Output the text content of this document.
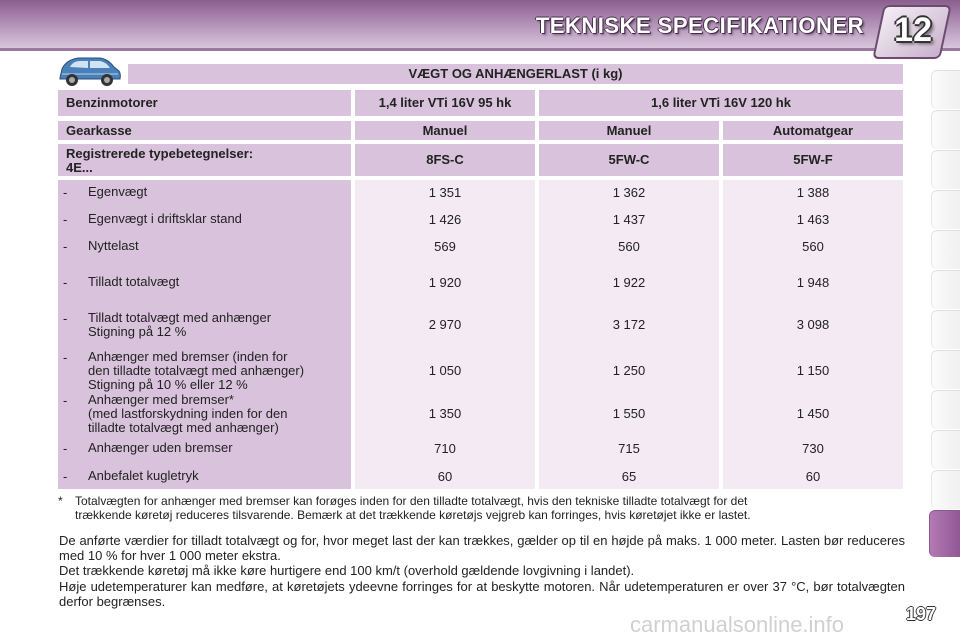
TEKNISKE SPECIFIKATIONER 12
VÆGT OG ANHÆNGERLAST (i kg)
Benzinmotorer	1,4 liter VTi 16V 95 hk	1,6 liter VTi 16V 120 hk
Gearkasse	Manuel	Manuel	Automatgear
Registrerede typebetegnelser:
4E...
8FS-C	5FW-C	5FW-F
- Egenvægt	1 351	1 362	1 388
- Egenvægt i driftsklar stand	1 426	1 437	1 463
- Nyttelast	569	560	560
- Tilladt totalvægt	1 920	1 922	1 948
- Tilladt totalvægt med anhænger
Stigning på 12 %	2 970	3 172	3 098
- Anhænger med bremser (inden for
den tilladte totalvægt med anhænger)
Stigning på 10 % eller 12 %
1 050	1 250	1 150
- Anhænger med bremser*
(med lastforskydning inden for den
tilladte totalvægt med anhænger)
1 350	1 550	1 450
- Anhænger uden bremser	710	715	730
- Anbefalet kugletryk	60	65	60
* Totalvægten for anhænger med bremser kan forøges inden for den tilladte totalvægt, hvis den tekniske tilladte totalvægt for det
trækkende køretøj reduceres tilsvarende. Bemærk at det trækkende køretøjs vejgreb kan forringes, hvis køretøjet ikke er lastet.
De anførte værdier for tilladt totalvægt og for, hvor meget last der kan trækkes, gælder op til en højde på maks. 1 000 meter. Lasten bør reduceres med 10 % for hver 1 000 meter ekstra.
Det trækkende køretøj må ikke køre hurtigere end 100 km/t (overhold gældende lovgivning i landet).
Høje udetemperaturer kan medføre, at køretøjets ydeevne forringes for at beskytte motoren. Når udetemperaturen er over 37 °C, bør totalvægten derfor begrænses.
carmanualsonline.info	197
